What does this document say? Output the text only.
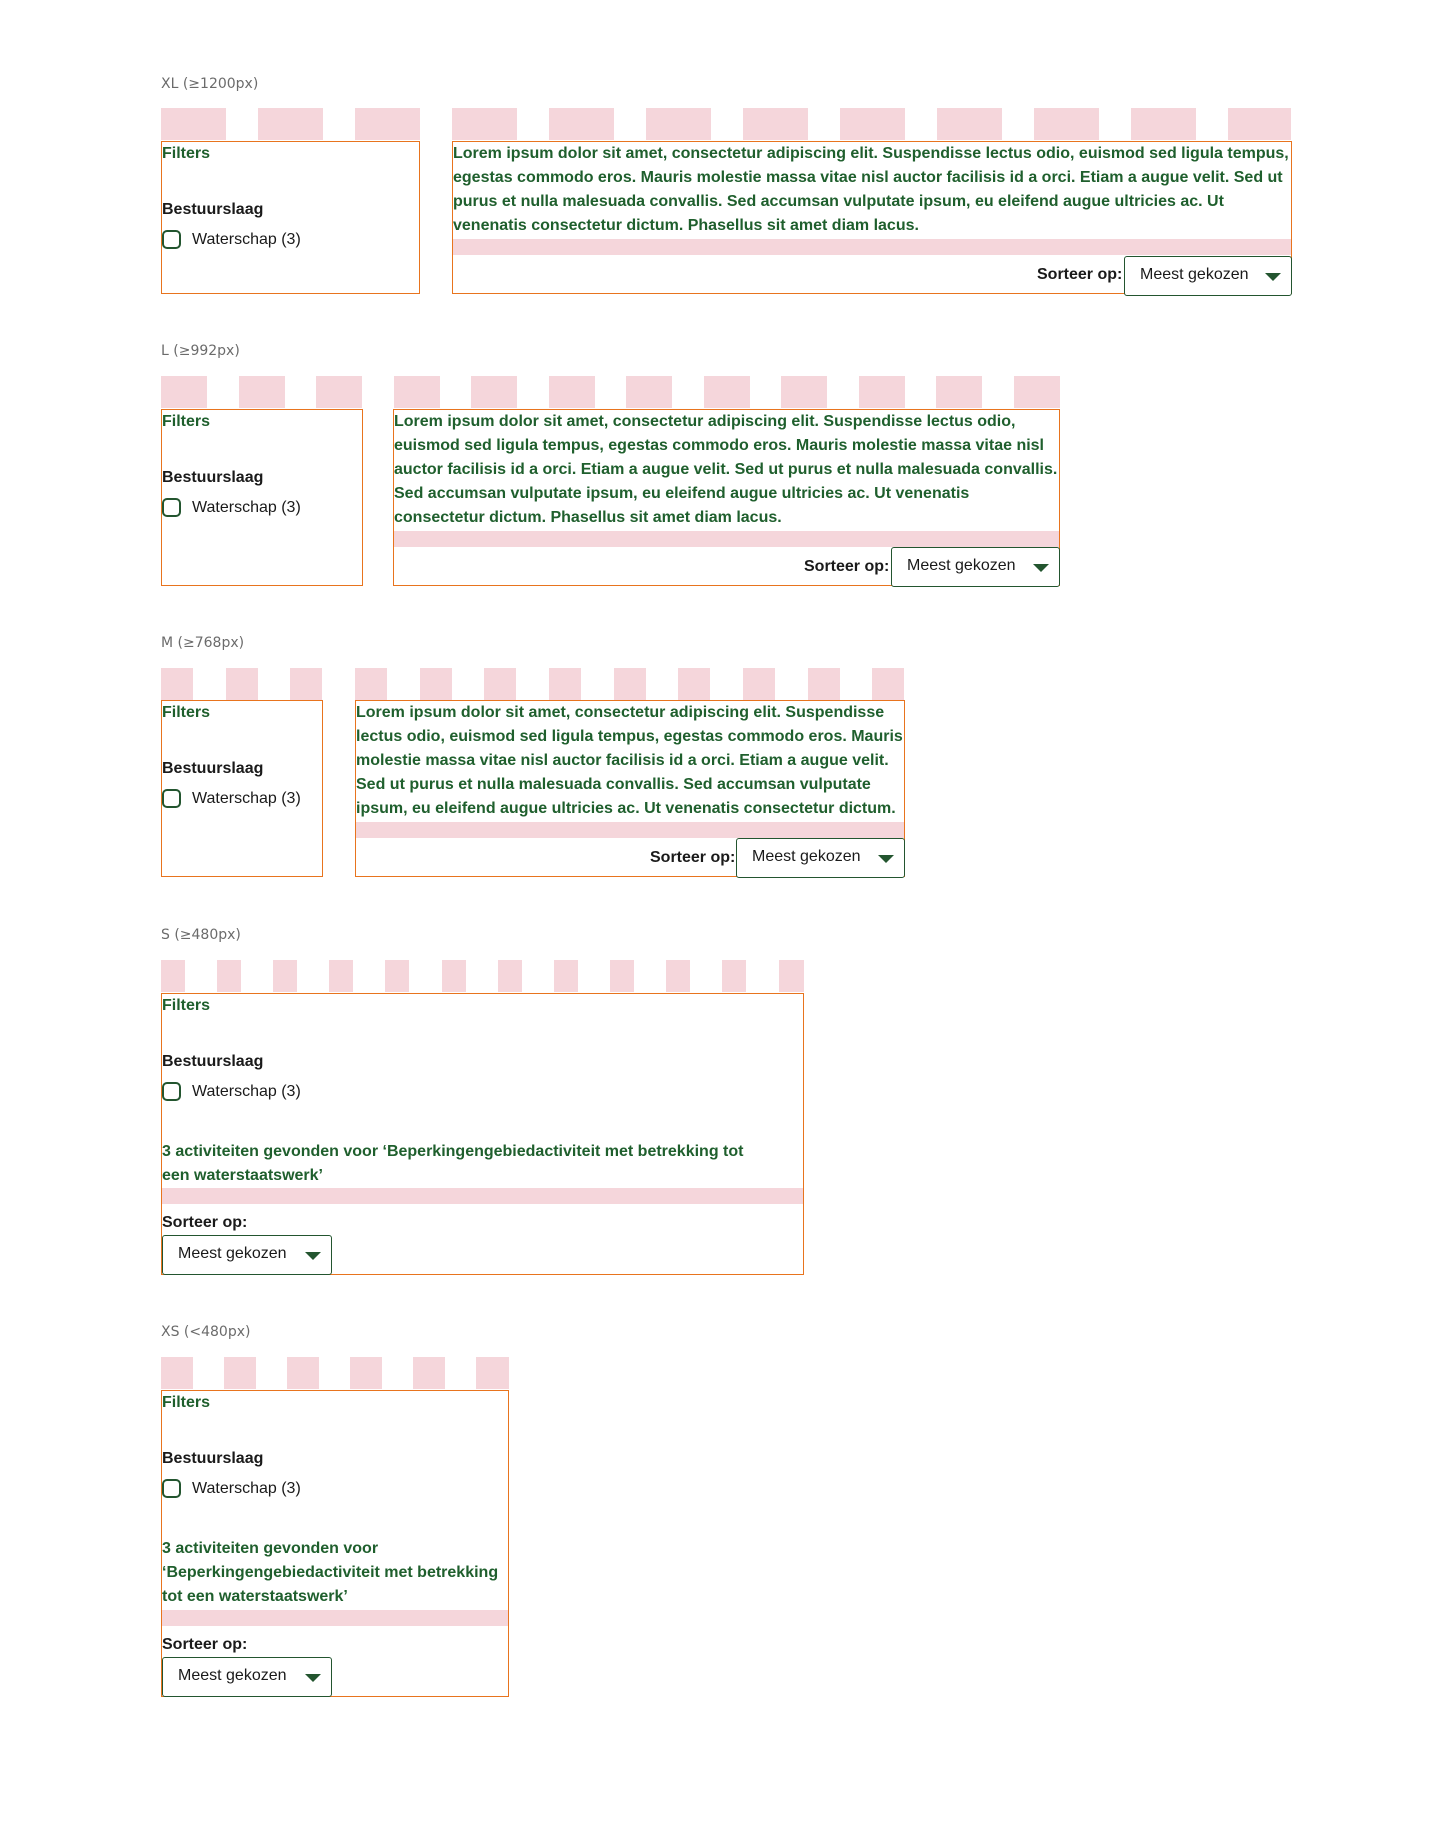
XL (≥1200px)
Filters
Bestuurslaag
Waterschap (3)
Lorem ipsum dolor sit amet, consectetur adipiscing elit. Suspendisse lectus odio, euismod sed ligula tempus, egestas commodo eros. Mauris molestie massa vitae nisl auctor facilisis id a orci. Etiam a augue velit. Sed ut purus et nulla malesuada convallis. Sed accumsan vulputate ipsum, eu eleifend augue ultricies ac. Ut venenatis consectetur dictum. Phasellus sit amet diam lacus.
Sorteer op: Meest gekozen
L (≥992px)
Filters
Bestuurslaag
Waterschap (3)
Lorem ipsum dolor sit amet, consectetur adipiscing elit. Suspendisse lectus odio, euismod sed ligula tempus, egestas commodo eros. Mauris molestie massa vitae nisl auctor facilisis id a orci. Etiam a augue velit. Sed ut purus et nulla malesuada convallis. Sed accumsan vulputate ipsum, eu eleifend augue ultricies ac. Ut venenatis consectetur dictum. Phasellus sit amet diam lacus.
Sorteer op: Meest gekozen
M (≥768px)
Filters
Bestuurslaag
Waterschap (3)
Lorem ipsum dolor sit amet, consectetur adipiscing elit. Suspendisse lectus odio, euismod sed ligula tempus, egestas commodo eros. Mauris molestie massa vitae nisl auctor facilisis id a orci. Etiam a augue velit. Sed ut purus et nulla malesuada convallis. Sed accumsan vulputate ipsum, eu eleifend augue ultricies ac. Ut venenatis consectetur dictum.
Sorteer op: Meest gekozen
S (≥480px)
Filters
Bestuurslaag
Waterschap (3)
3 activiteiten gevonden voor ‘Beperkingengebiedactiviteit met betrekking tot een waterstaatswerk’
Sorteer op:
Meest gekozen
XS (<480px)
Filters
Bestuurslaag
Waterschap (3)
3 activiteiten gevonden voor ‘Beperkingengebiedactiviteit met betrekking tot een waterstaatswerk’
Sorteer op:
Meest gekozen
